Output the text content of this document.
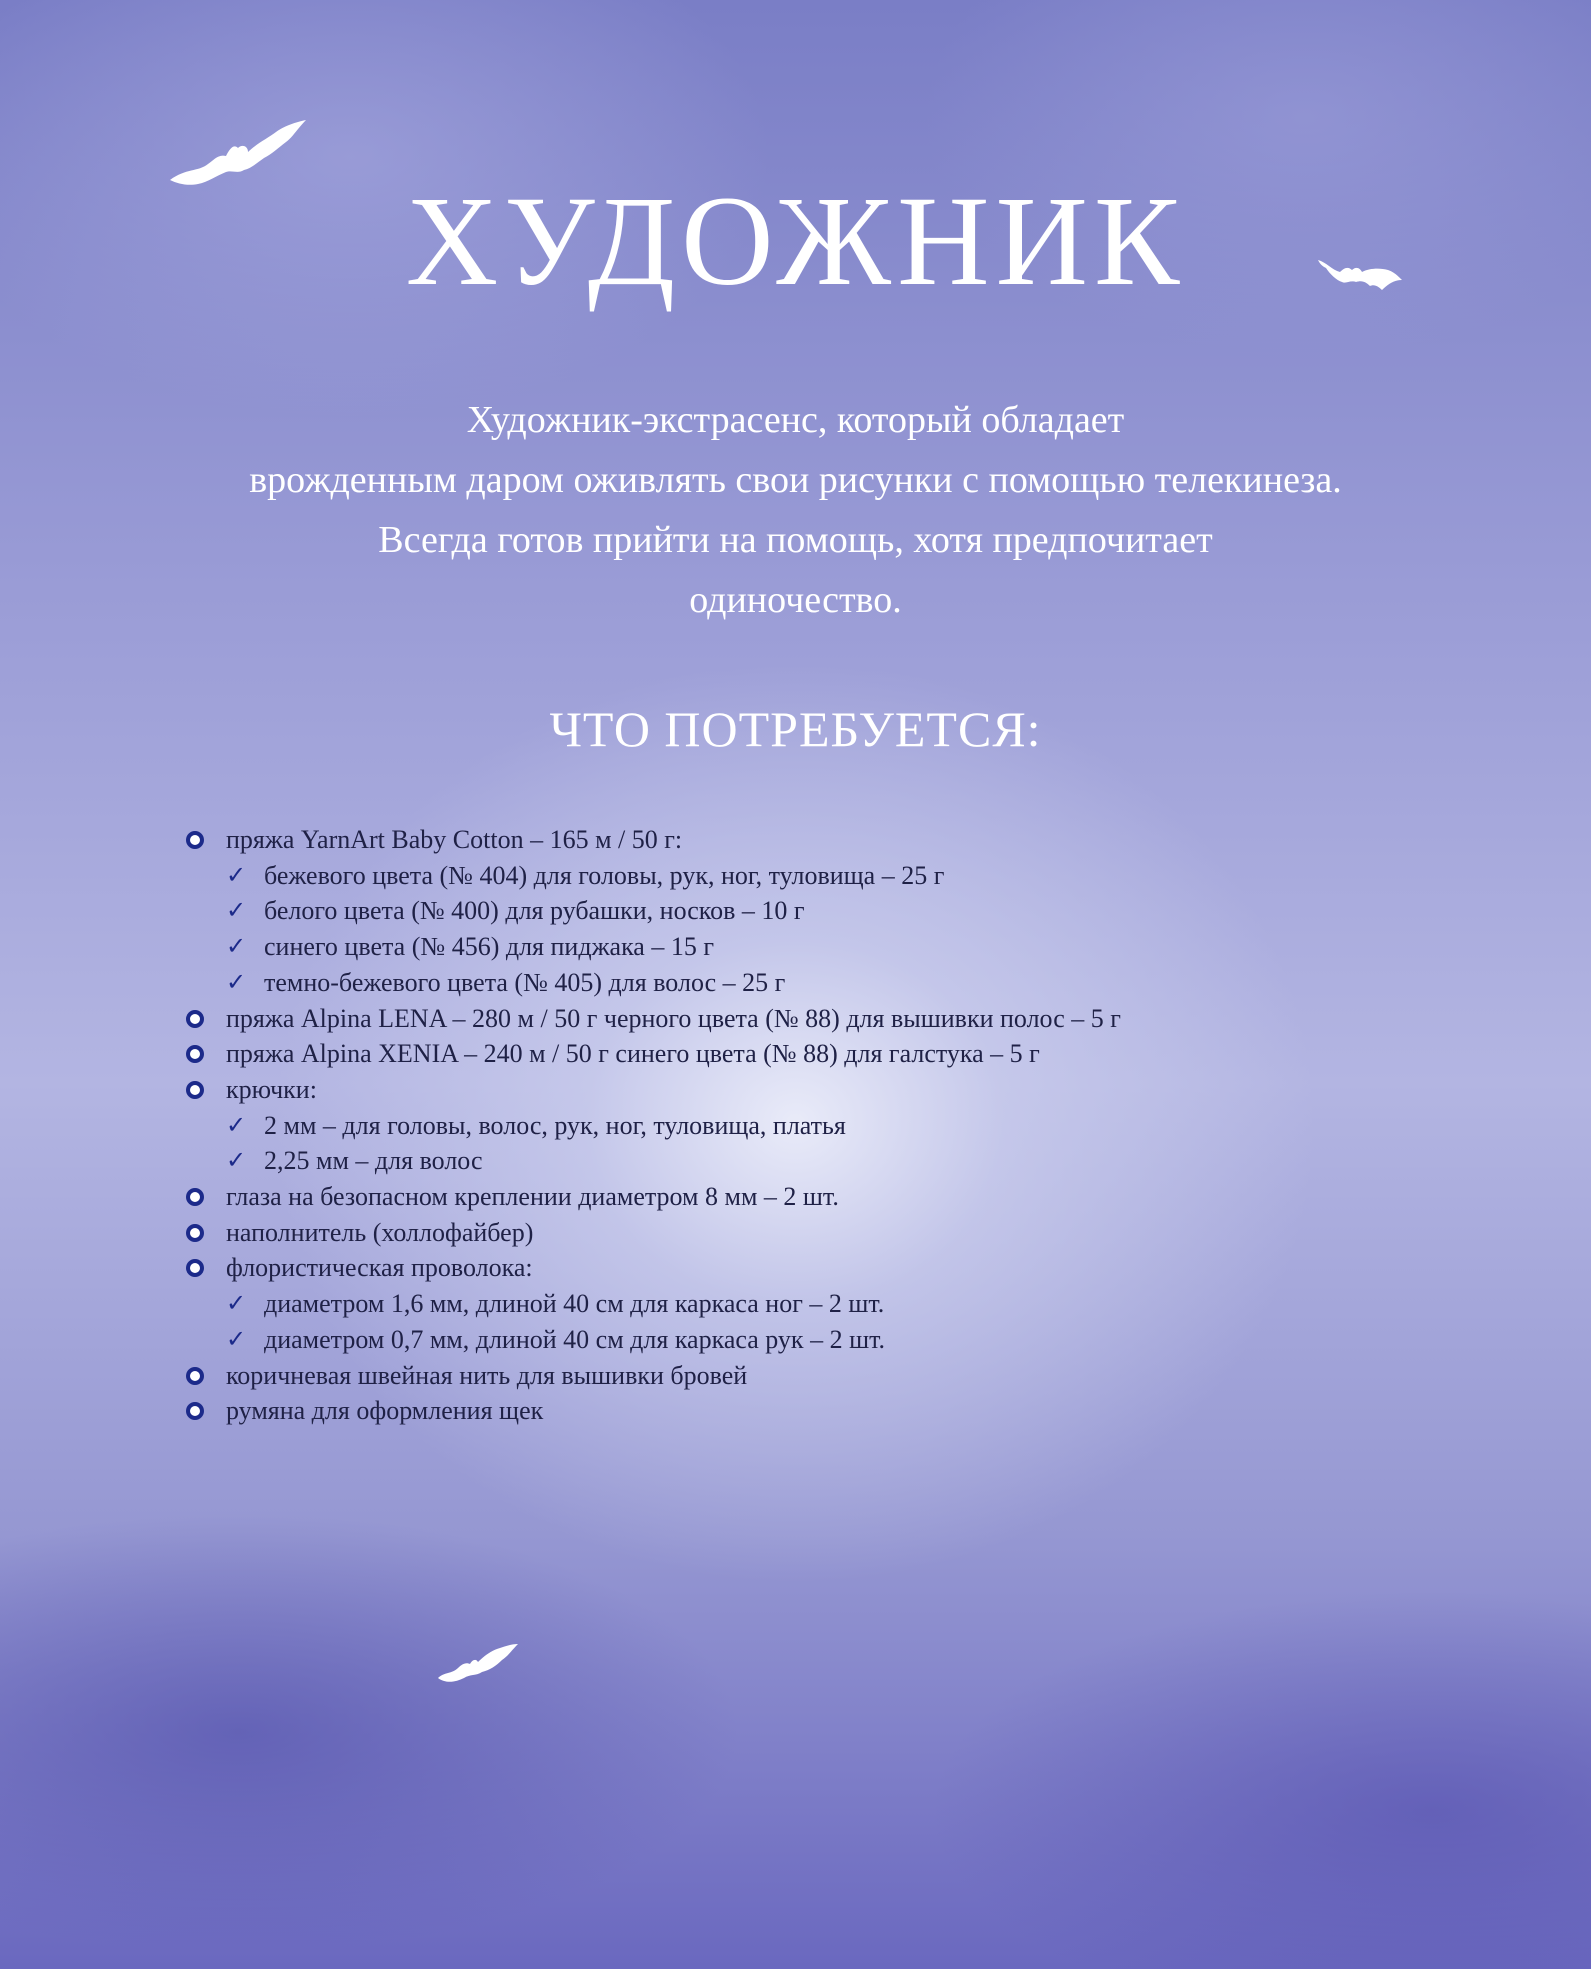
ХУДОЖНИК

Художник-экстрасенс, который обладает
врожденным даром оживлять свои рисунки с помощью телекинеза.
Всегда готов прийти на помощь, хотя предпочитает
одиночество.

ЧТО ПОТРЕБУЕТСЯ:
пряжа YarnArt Baby Cotton – 165 м / 50 г:
✓ бежевого цвета (№ 404) для головы, рук, ног, туловища – 25 г
✓ белого цвета (№ 400) для рубашки, носков – 10 г
✓ синего цвета (№ 456) для пиджака – 15 г
✓ темно-бежевого цвета (№ 405) для волос – 25 г
пряжа Alpina LENA – 280 м / 50 г черного цвета (№ 88) для вышивки полос – 5 г
пряжа Alpina XENIA – 240 м / 50 г синего цвета (№ 88) для галстука – 5 г
крючки:
✓ 2 мм – для головы, волос, рук, ног, туловища, платья
✓ 2,25 мм – для волос
глаза на безопасном креплении диаметром 8 мм – 2 шт.
наполнитель (холлофайбер)
флористическая проволока:
✓ диаметром 1,6 мм, длиной 40 см для каркаса ног – 2 шт.
✓ диаметром 0,7 мм, длиной 40 см для каркаса рук – 2 шт.
коричневая швейная нить для вышивки бровей
румяна для оформления щек
